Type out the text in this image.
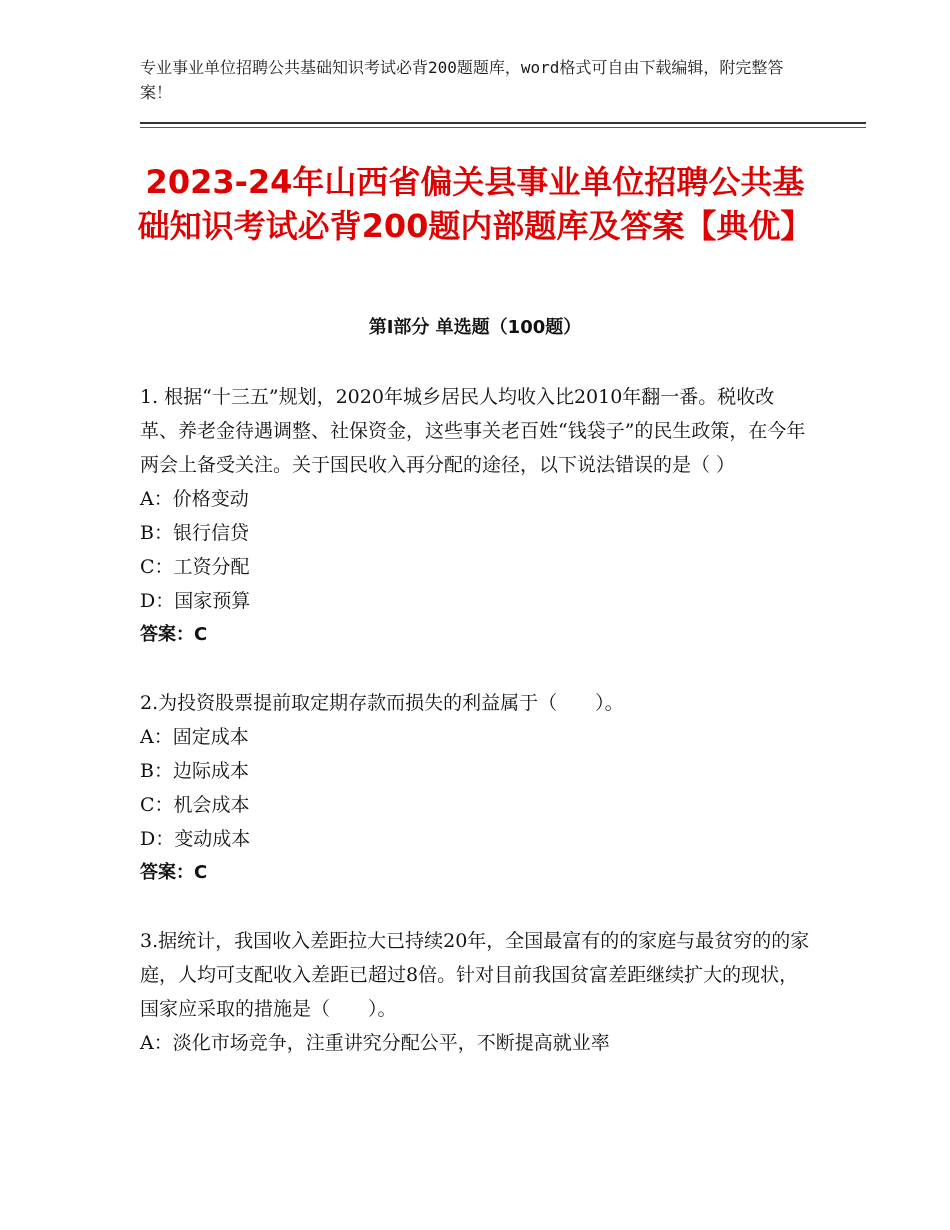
专业事业单位招聘公共基础知识考试必背200题题库，word格式可自由下载编辑，附完整答案！
2023-24年山西省偏关县事业单位招聘公共基础知识考试必背200题内部题库及答案【典优】
第Ⅰ部分 单选题（100题）

1. 根据“十三五”规划，2020年城乡居民人均收入比2010年翻一番。税收改革、养老金待遇调整、社保资金，这些事关老百姓“钱袋子”的民生政策，在今年两会上备受关注。关于国民收入再分配的途径，以下说法错误的是（ ）

A：价格变动

B：银行信贷

C：工资分配

D：国家预算

答案：C

2.为投资股票提前取定期存款而损失的利益属于（　　）。

A：固定成本

B：边际成本

C：机会成本

D：变动成本

答案：C

3.据统计，我国收入差距拉大已持续20年，全国最富有的的家庭与最贫穷的的家庭，人均可支配收入差距已超过8倍。针对目前我国贫富差距继续扩大的现状，国家应采取的措施是（　　）。

A：淡化市场竞争，注重讲究分配公平，不断提高就业率
